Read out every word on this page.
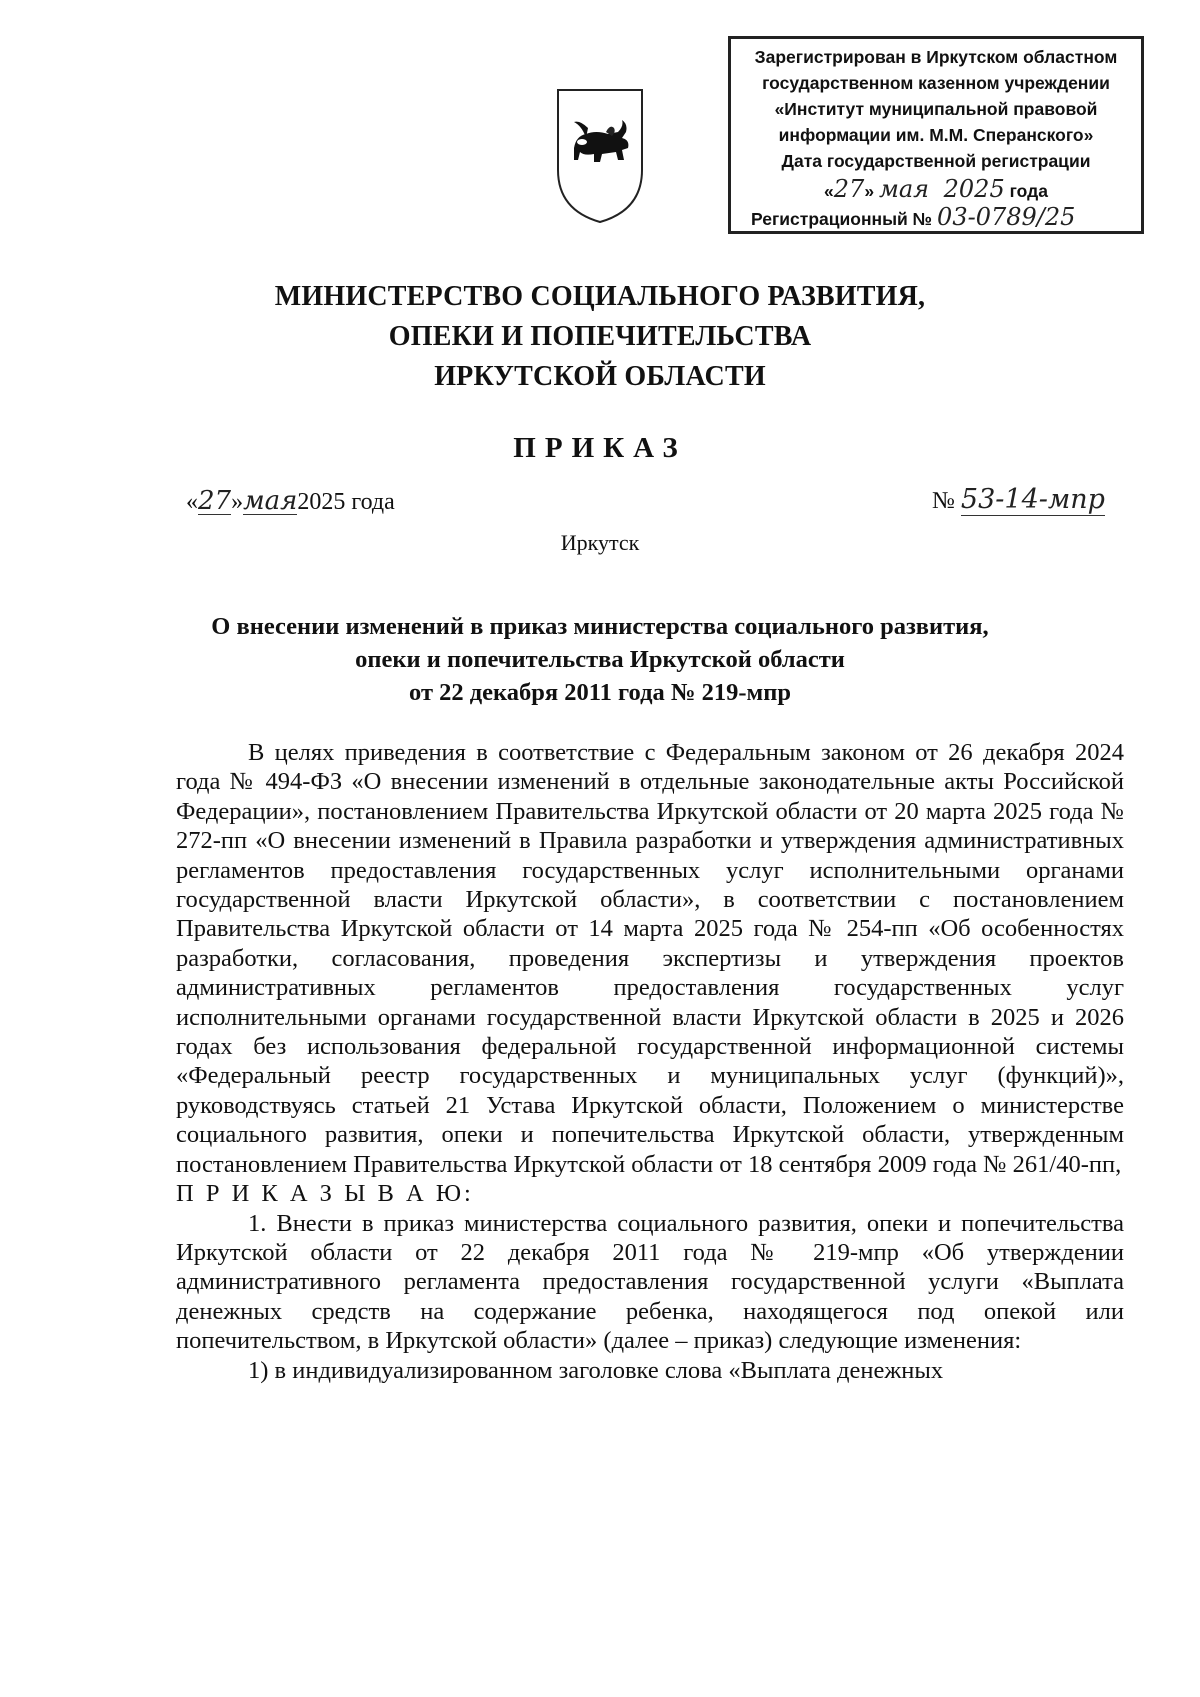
Зарегистрирован в Иркутском областном
государственном казенном учреждении
«Институт муниципальной правовой
информации им. М.М. Сперанского»
Дата государственной регистрации
«27» мая 2025 года
Регистрационный № 03-0789/25
МИНИСТЕРСТВО СОЦИАЛЬНОГО РАЗВИТИЯ,
ОПЕКИ И ПОПЕЧИТЕЛЬСТВА
ИРКУТСКОЙ ОБЛАСТИ
ПРИКАЗ
«27»мая2025 года	№ 53-14-мпр
Иркутск
О внесении изменений в приказ министерства социального развития,
опеки и попечительства Иркутской области
от 22 декабря 2011 года № 219-мпр

В целях приведения в соответствие с Федеральным законом от 26 декабря 2024 года № 494-ФЗ «О внесении изменений в отдельные законодательные акты Российской Федерации», постановлением Правительства Иркутской области от 20 марта 2025 года № 272-пп «О внесении изменений в Правила разработки и утверждения административных регламентов предоставления государственных услуг исполнительными органами государственной власти Иркутской области», в соответствии с постановлением Правительства Иркутской области от 14 марта 2025 года № 254-пп «Об особенностях разработки, согласования, проведения экспертизы и утверждения проектов административных регламентов предоставления государственных услуг исполнительными органами государственной власти Иркутской области в 2025 и 2026 годах без использования федеральной государственной информационной системы «Федеральный реестр государственных и муниципальных услуг (функций)», руководствуясь статьей 21 Устава Иркутской области, Положением о министерстве социального развития, опеки и попечительства Иркутской области, утвержденным постановлением Правительства Иркутской области от 18 сентября 2009 года № 261/40-пп,

П Р И К А З Ы В А Ю:

1. Внести в приказ министерства социального развития, опеки и попечительства Иркутской области от 22 декабря 2011 года № 219-мпр «Об утверждении административного регламента предоставления государственной услуги «Выплата денежных средств на содержание ребенка, находящегося под опекой или попечительством, в Иркутской области» (далее – приказ) следующие изменения:

1) в индивидуализированном заголовке слова «Выплата денежных
